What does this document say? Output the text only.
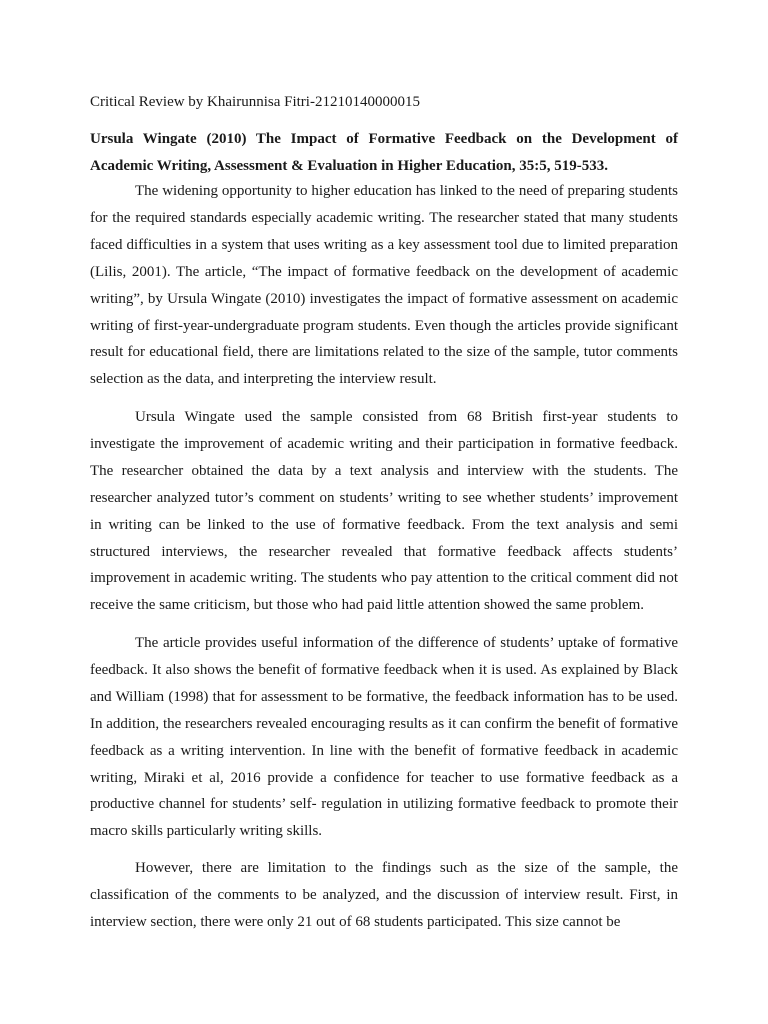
Critical Review by Khairunnisa Fitri-21210140000015
Ursula Wingate (2010) The Impact of Formative Feedback on the Development of Academic Writing, Assessment & Evaluation in Higher Education, 35:5, 519-533.

The widening opportunity to higher education has linked to the need of preparing students for the required standards especially academic writing. The researcher stated that many students faced difficulties in a system that uses writing as a key assessment tool due to limited preparation (Lilis, 2001). The article, “The impact of formative feedback on the development of academic writing”, by Ursula Wingate (2010) investigates the impact of formative assessment on academic writing of first-year-undergraduate program students. Even though the articles provide significant result for educational field, there are limitations related to the size of the sample, tutor comments selection as the data, and interpreting the interview result.

Ursula Wingate used the sample consisted from 68 British first-year students to investigate the improvement of academic writing and their participation in formative feedback. The researcher obtained the data by a text analysis and interview with the students. The researcher analyzed tutor’s comment on students’ writing to see whether students’ improvement in writing can be linked to the use of formative feedback. From the text analysis and semi structured interviews, the researcher revealed that formative feedback affects students’ improvement in academic writing. The students who pay attention to the critical comment did not receive the same criticism, but those who had paid little attention showed the same problem.

The article provides useful information of the difference of students’ uptake of formative feedback. It also shows the benefit of formative feedback when it is used. As explained by Black and William (1998) that for assessment to be formative, the feedback information has to be used. In addition, the researchers revealed encouraging results as it can confirm the benefit of formative feedback as a writing intervention. In line with the benefit of formative feedback in academic writing, Miraki et al, 2016 provide a confidence for teacher to use formative feedback as a productive channel for students’ self- regulation in utilizing formative feedback to promote their macro skills particularly writing skills.

However, there are limitation to the findings such as the size of the sample, the classification of the comments to be analyzed, and the discussion of interview result. First, in interview section, there were only 21 out of 68 students participated. This size cannot be
